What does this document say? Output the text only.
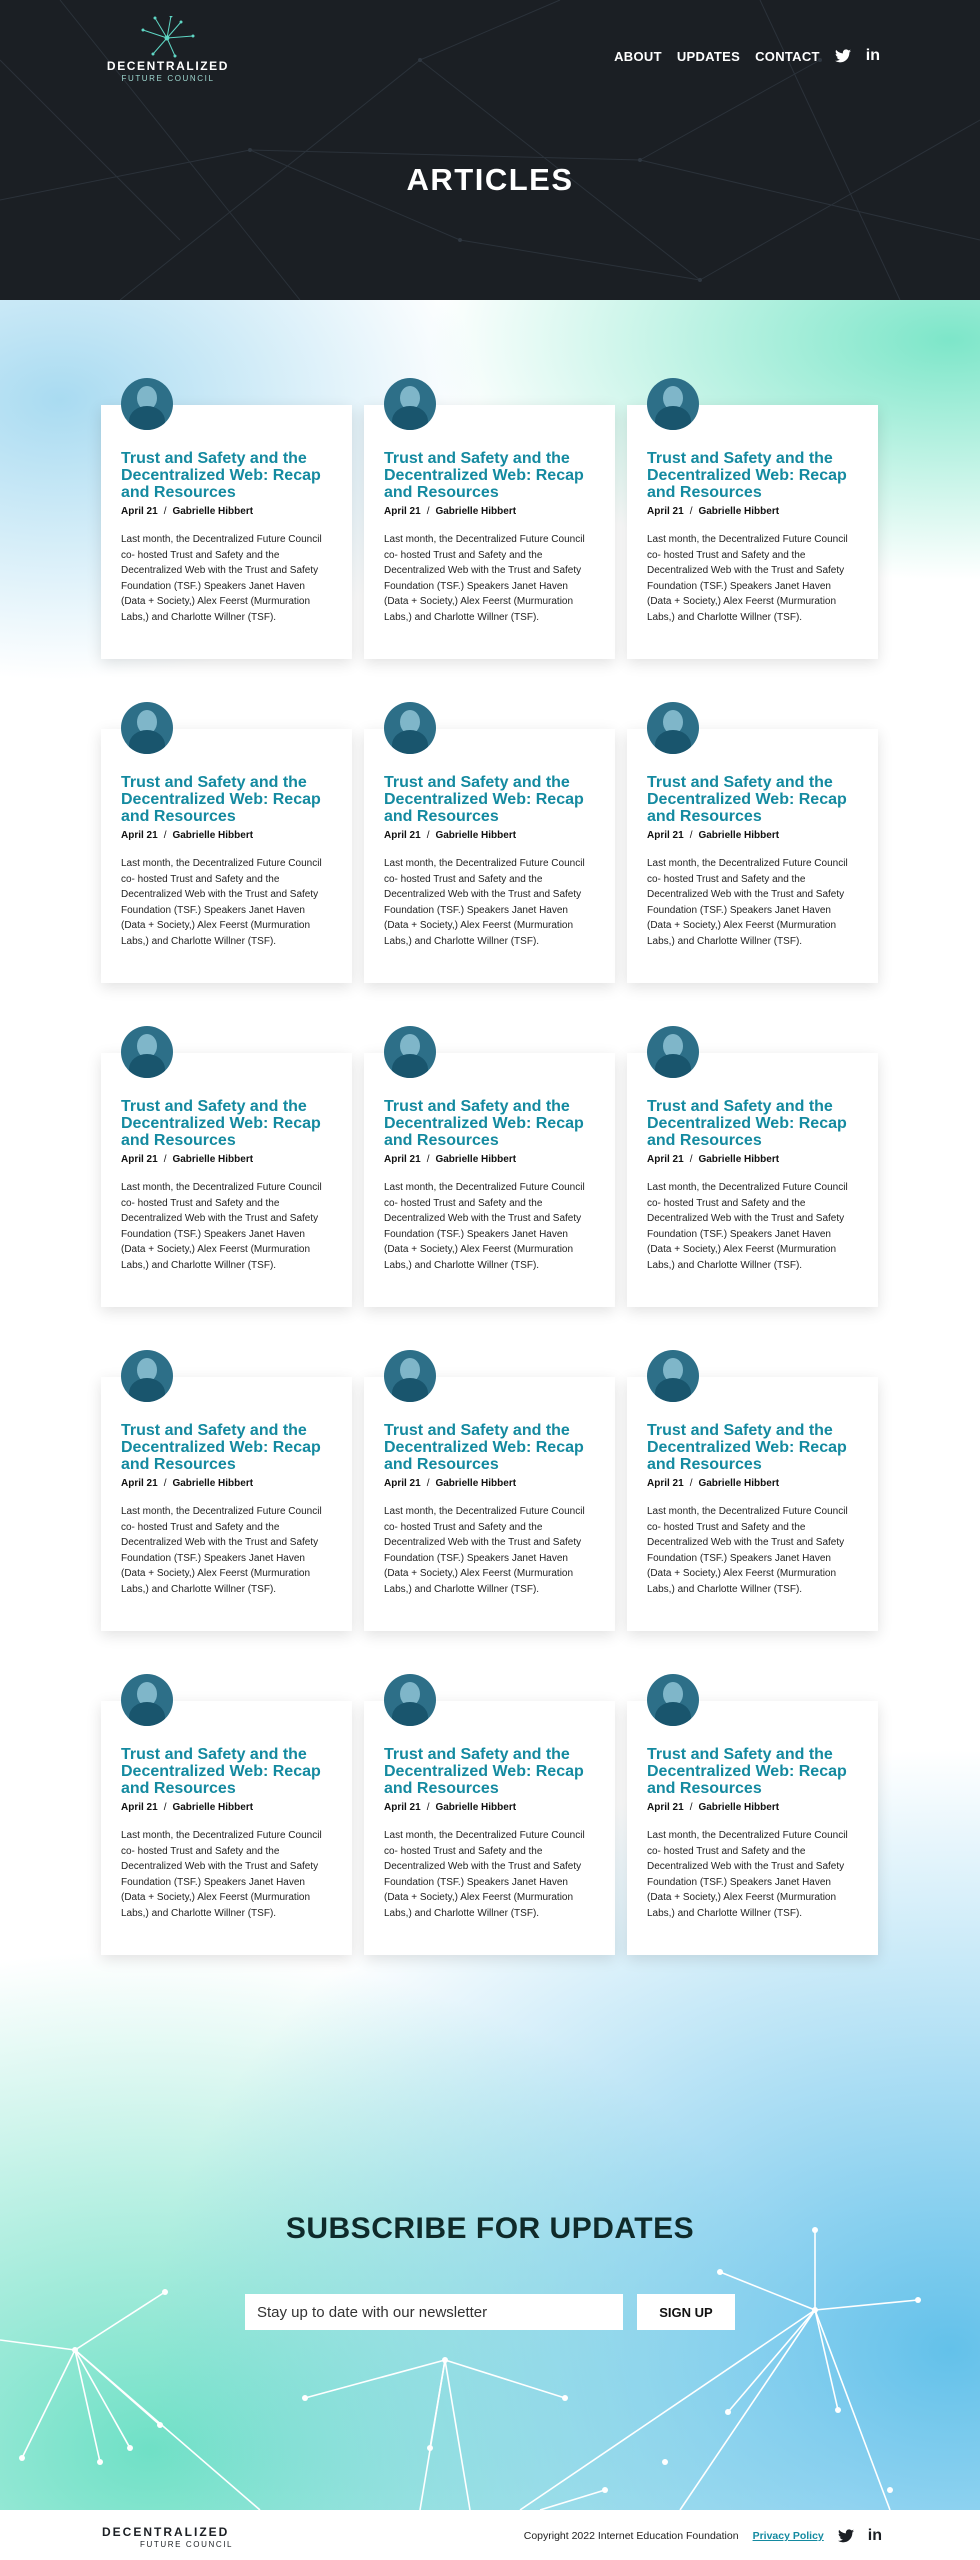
DECENTRALIZED
FUTURE COUNCIL
ABOUT UPDATES CONTACT	in
ARTICLES
Trust and Safety and the Decentralized Web: Recap and Resources
April 21 / Gabrielle Hibbert

Last month, the Decentralized Future Council co- hosted Trust and Safety and the Decentralized Web with the Trust and Safety Foundation (TSF.) Speakers Janet Haven (Data + Society,) Alex Feerst (Murmuration Labs,) and Charlotte Willner (TSF).

Trust and Safety and the Decentralized Web: Recap and Resources
April 21 / Gabrielle Hibbert

Last month, the Decentralized Future Council co- hosted Trust and Safety and the Decentralized Web with the Trust and Safety Foundation (TSF.) Speakers Janet Haven (Data + Society,) Alex Feerst (Murmuration Labs,) and Charlotte Willner (TSF).

Trust and Safety and the Decentralized Web: Recap and Resources
April 21 / Gabrielle Hibbert

Last month, the Decentralized Future Council co- hosted Trust and Safety and the Decentralized Web with the Trust and Safety Foundation (TSF.) Speakers Janet Haven (Data + Society,) Alex Feerst (Murmuration Labs,) and Charlotte Willner (TSF).

Trust and Safety and the Decentralized Web: Recap and Resources
April 21 / Gabrielle Hibbert

Last month, the Decentralized Future Council co- hosted Trust and Safety and the Decentralized Web with the Trust and Safety Foundation (TSF.) Speakers Janet Haven (Data + Society,) Alex Feerst (Murmuration Labs,) and Charlotte Willner (TSF).

Trust and Safety and the Decentralized Web: Recap and Resources
April 21 / Gabrielle Hibbert

Last month, the Decentralized Future Council co- hosted Trust and Safety and the Decentralized Web with the Trust and Safety Foundation (TSF.) Speakers Janet Haven (Data + Society,) Alex Feerst (Murmuration Labs,) and Charlotte Willner (TSF).

Trust and Safety and the Decentralized Web: Recap and Resources
April 21 / Gabrielle Hibbert

Last month, the Decentralized Future Council co- hosted Trust and Safety and the Decentralized Web with the Trust and Safety Foundation (TSF.) Speakers Janet Haven (Data + Society,) Alex Feerst (Murmuration Labs,) and Charlotte Willner (TSF).

Trust and Safety and the Decentralized Web: Recap and Resources
April 21 / Gabrielle Hibbert

Last month, the Decentralized Future Council co- hosted Trust and Safety and the Decentralized Web with the Trust and Safety Foundation (TSF.) Speakers Janet Haven (Data + Society,) Alex Feerst (Murmuration Labs,) and Charlotte Willner (TSF).

Trust and Safety and the Decentralized Web: Recap and Resources
April 21 / Gabrielle Hibbert

Last month, the Decentralized Future Council co- hosted Trust and Safety and the Decentralized Web with the Trust and Safety Foundation (TSF.) Speakers Janet Haven (Data + Society,) Alex Feerst (Murmuration Labs,) and Charlotte Willner (TSF).

Trust and Safety and the Decentralized Web: Recap and Resources
April 21 / Gabrielle Hibbert

Last month, the Decentralized Future Council co- hosted Trust and Safety and the Decentralized Web with the Trust and Safety Foundation (TSF.) Speakers Janet Haven (Data + Society,) Alex Feerst (Murmuration Labs,) and Charlotte Willner (TSF).

Trust and Safety and the Decentralized Web: Recap and Resources
April 21 / Gabrielle Hibbert

Last month, the Decentralized Future Council co- hosted Trust and Safety and the Decentralized Web with the Trust and Safety Foundation (TSF.) Speakers Janet Haven (Data + Society,) Alex Feerst (Murmuration Labs,) and Charlotte Willner (TSF).

Trust and Safety and the Decentralized Web: Recap and Resources
April 21 / Gabrielle Hibbert

Last month, the Decentralized Future Council co- hosted Trust and Safety and the Decentralized Web with the Trust and Safety Foundation (TSF.) Speakers Janet Haven (Data + Society,) Alex Feerst (Murmuration Labs,) and Charlotte Willner (TSF).

Trust and Safety and the Decentralized Web: Recap and Resources
April 21 / Gabrielle Hibbert

Last month, the Decentralized Future Council co- hosted Trust and Safety and the Decentralized Web with the Trust and Safety Foundation (TSF.) Speakers Janet Haven (Data + Society,) Alex Feerst (Murmuration Labs,) and Charlotte Willner (TSF).

Trust and Safety and the Decentralized Web: Recap and Resources
April 21 / Gabrielle Hibbert

Last month, the Decentralized Future Council co- hosted Trust and Safety and the Decentralized Web with the Trust and Safety Foundation (TSF.) Speakers Janet Haven (Data + Society,) Alex Feerst (Murmuration Labs,) and Charlotte Willner (TSF).

Trust and Safety and the Decentralized Web: Recap and Resources
April 21 / Gabrielle Hibbert

Last month, the Decentralized Future Council co- hosted Trust and Safety and the Decentralized Web with the Trust and Safety Foundation (TSF.) Speakers Janet Haven (Data + Society,) Alex Feerst (Murmuration Labs,) and Charlotte Willner (TSF).

Trust and Safety and the Decentralized Web: Recap and Resources
April 21 / Gabrielle Hibbert

Last month, the Decentralized Future Council co- hosted Trust and Safety and the Decentralized Web with the Trust and Safety Foundation (TSF.) Speakers Janet Haven (Data + Society,) Alex Feerst (Murmuration Labs,) and Charlotte Willner (TSF).

SUBSCRIBE FOR UPDATES
Stay up to date with our newsletter
SIGN UP
DECENTRALIZED
FUTURE COUNCIL
Copyright 2022 Internet Education Foundation Privacy Policy	in
